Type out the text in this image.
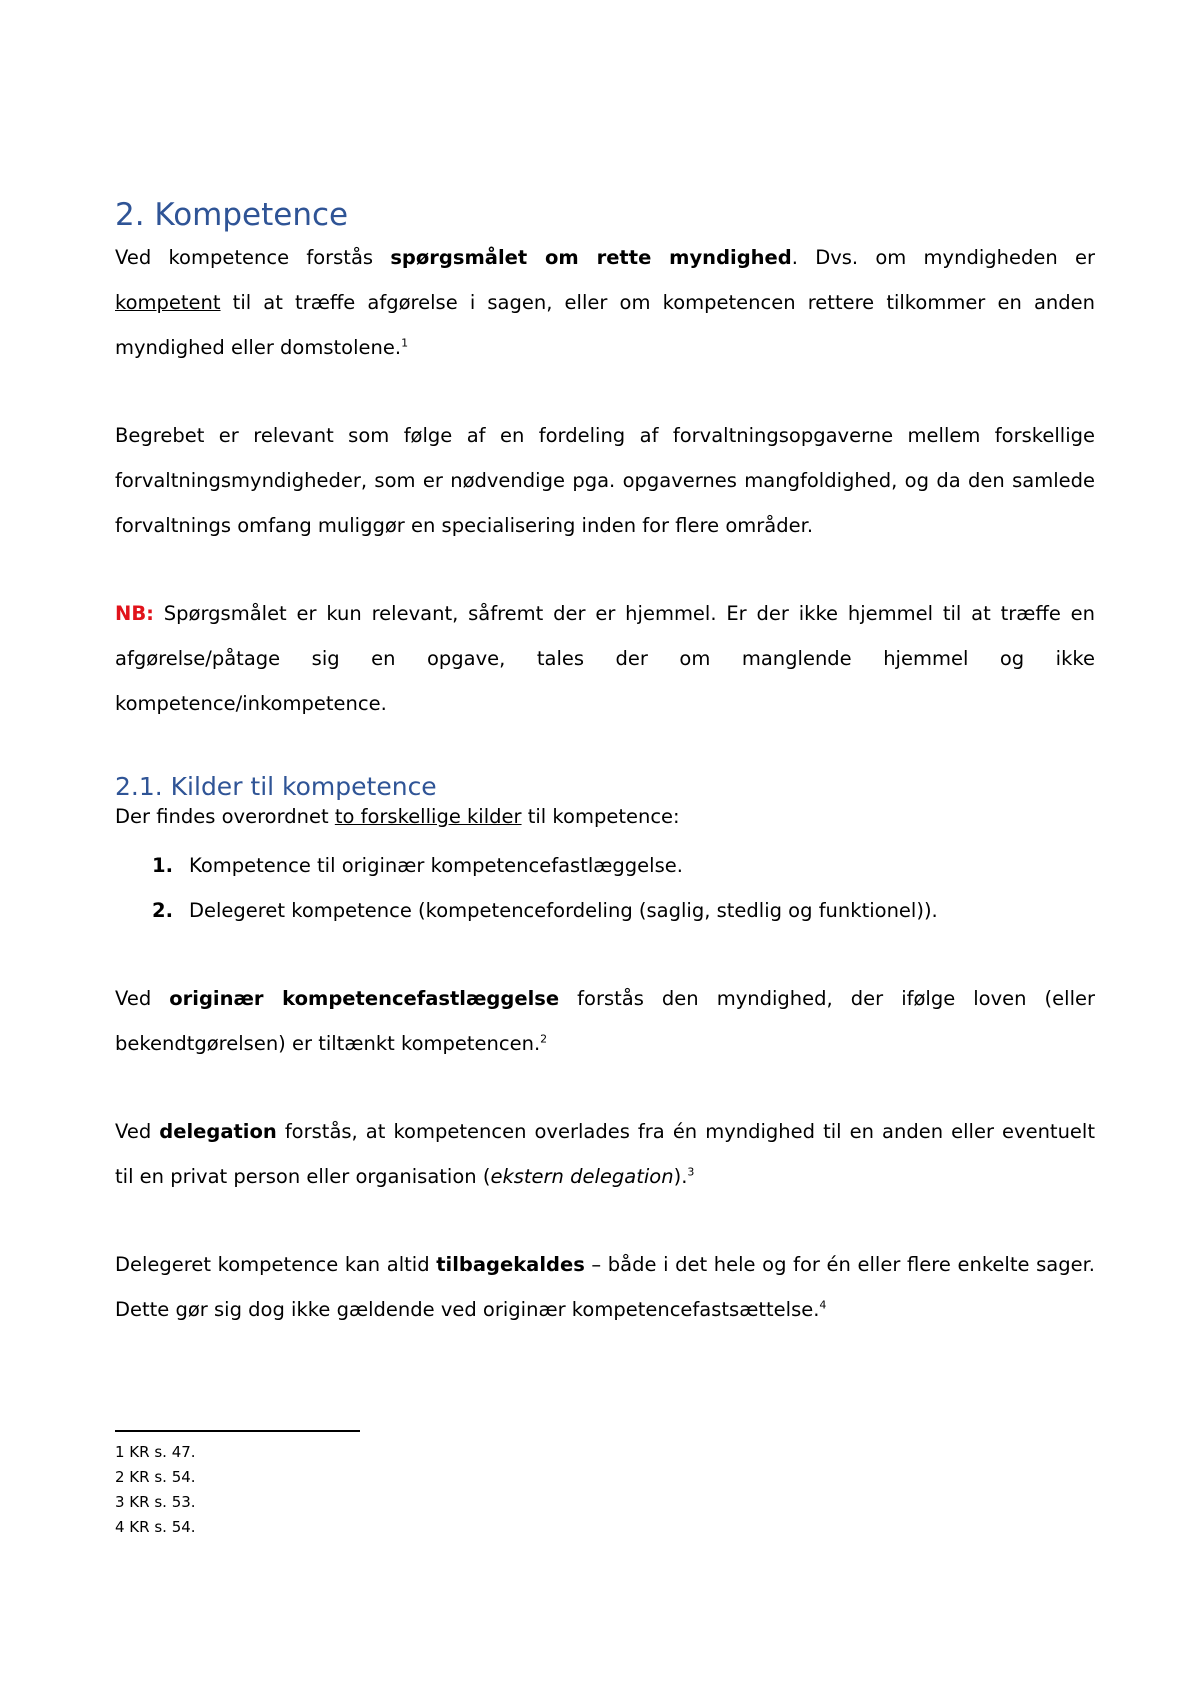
2. Kompetence

Ved kompetence forstås spørgsmålet om rette myndighed. Dvs. om myndigheden er kompetent til at træffe afgørelse i sagen, eller om kompetencen rettere tilkommer en anden myndighed eller domstolene.$^1$

Begrebet er relevant som følge af en fordeling af forvaltningsopgaverne mellem forskellige forvaltningsmyndigheder, som er nødvendige pga. opgavernes mangfoldighed, og da den samlede forvaltnings omfang muliggør en specialisering inden for flere områder.

NB: Spørgsmålet er kun relevant, såfremt der er hjemmel. Er der ikke hjemmel til at træffe en afgørelse/påtage sig en opgave, tales der om manglende hjemmel og ikke kompetence/inkompetence.

2.1. Kilder til kompetence

Der findes overordnet to forskellige kilder til kompetence:

1. Kompetence til originær kompetencefastlæggelse.
2. Delegeret kompetence (kompetencefordeling (saglig, stedlig og funktionel)).

Ved originær kompetencefastlæggelse forstås den myndighed, der ifølge loven (eller bekendtgørelsen) er tiltænkt kompetencen.$^2$

Ved delegation forstås, at kompetencen overlades fra én myndighed til en anden eller eventuelt til en privat person eller organisation (ekstern delegation).$^3$

Delegeret kompetence kan altid tilbagekaldes – både i det hele og for én eller flere enkelte sager. Dette gør sig dog ikke gældende ved originær kompetencefastsættelse.$^4$

1 KR s. 47.
2 KR s. 54.
3 KR s. 53.
4 KR s. 54.
